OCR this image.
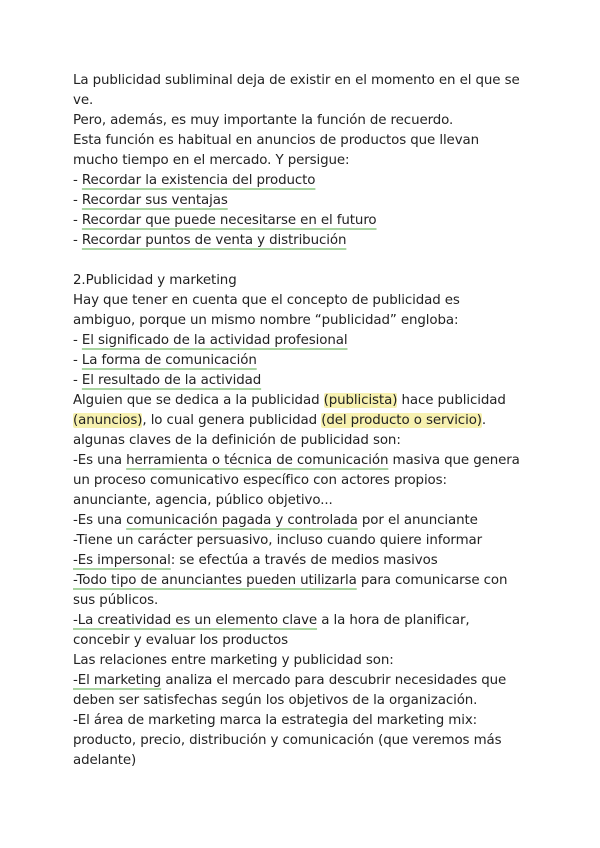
La publicidad subliminal deja de existir en el momento en el que se
ve.
Pero, además, es muy importante la función de recuerdo.
Esta función es habitual en anuncios de productos que llevan
mucho tiempo en el mercado. Y persigue:
- Recordar la existencia del producto
- Recordar sus ventajas
- Recordar que puede necesitarse en el futuro
- Recordar puntos de venta y distribución
2.Publicidad y marketing
Hay que tener en cuenta que el concepto de publicidad es
ambiguo, porque un mismo nombre “publicidad” engloba:
- El significado de la actividad profesional
- La forma de comunicación
- El resultado de la actividad
Alguien que se dedica a la publicidad (publicista) hace publicidad
(anuncios), lo cual genera publicidad (del producto o servicio).
algunas claves de la definición de publicidad son:
-Es una herramienta o técnica de comunicación masiva que genera
un proceso comunicativo específico con actores propios:
anunciante, agencia, público objetivo...
-Es una comunicación pagada y controlada por el anunciante
-Tiene un carácter persuasivo, incluso cuando quiere informar
-Es impersonal: se efectúa a través de medios masivos
-Todo tipo de anunciantes pueden utilizarla para comunicarse con
sus públicos.
-La creatividad es un elemento clave a la hora de planificar,
concebir y evaluar los productos
Las relaciones entre marketing y publicidad son:
-El marketing analiza el mercado para descubrir necesidades que
deben ser satisfechas según los objetivos de la organización.
-El área de marketing marca la estrategia del marketing mix:
producto, precio, distribución y comunicación (que veremos más
adelante)
